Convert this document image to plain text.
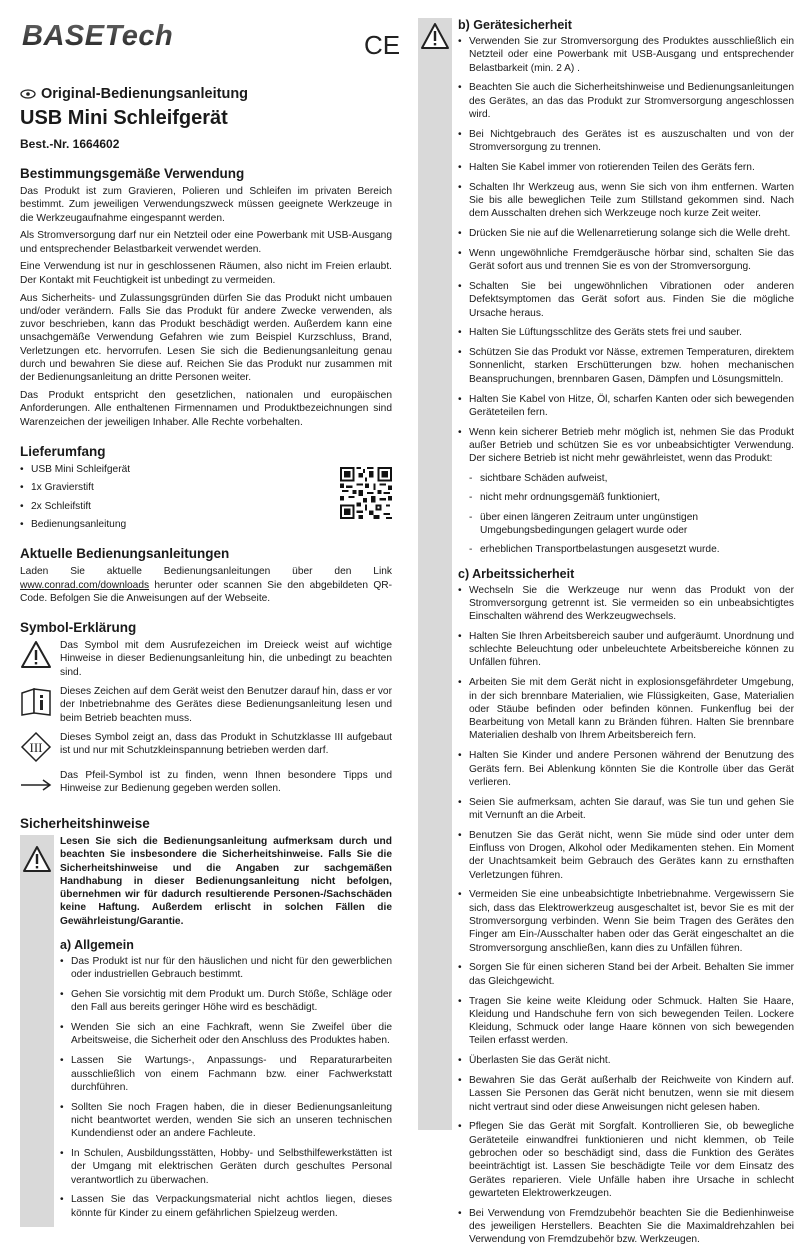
BASETech	CE
Original-Bedienungsanleitung
USB Mini Schleifgerät
Best.-Nr. 1664602
Bestimmungsgemäße Verwendung

Das Produkt ist zum Gravieren, Polieren und Schleifen im privaten Bereich bestimmt. Zum jeweiligen Verwendungszweck müssen geeignete Werkzeuge in die Werkzeugaufnahme eingespannt werden.

Als Stromversorgung darf nur ein Netzteil oder eine Powerbank mit USB-Ausgang und entsprechender Belastbarkeit verwendet werden.

Eine Verwendung ist nur in geschlossenen Räumen, also nicht im Freien erlaubt. Der Kontakt mit Feuchtigkeit ist unbedingt zu vermeiden.

Aus Sicherheits- und Zulassungsgründen dürfen Sie das Produkt nicht umbauen und/oder verändern. Falls Sie das Produkt für andere Zwecke verwenden, als zuvor beschrieben, kann das Produkt beschädigt werden. Außerdem kann eine unsachgemäße Verwendung Gefahren wie zum Beispiel Kurzschluss, Brand, Verletzungen etc. hervorrufen. Lesen Sie sich die Bedienungsanleitung genau durch und bewahren Sie diese auf. Reichen Sie das Produkt nur zusammen mit der Bedienungsanleitung an dritte Personen weiter.

Das Produkt entspricht den gesetzlichen, nationalen und europäischen Anforderungen. Alle enthaltenen Firmennamen und Produktbezeichnungen sind Warenzeichen der jeweiligen Inhaber. Alle Rechte vorbehalten.

Lieferumfang
• USB Mini Schleifgerät
• 1x Gravierstift
• 2x Schleifstift
• Bedienungsanleitung
Aktuelle Bedienungsanleitungen

Laden Sie aktuelle Bedienungsanleitungen über den Link www.conrad.com/downloads herunter oder scannen Sie den abgebildeten QR-Code. Befolgen Sie die Anweisungen auf der Webseite.

Symbol-Erklärung

Das Symbol mit dem Ausrufezeichen im Dreieck weist auf wichtige Hinweise in dieser Bedienungsanleitung hin, die unbedingt zu beachten sind.

Dieses Zeichen auf dem Gerät weist den Benutzer darauf hin, dass er vor der Inbetriebnahme des Gerätes diese Bedienungsanleitung lesen und beim Betrieb beachten muss.

III

Dieses Symbol zeigt an, dass das Produkt in Schutzklasse III aufgebaut ist und nur mit Schutzkleinspannung betrieben werden darf.

Das Pfeil-Symbol ist zu finden, wenn Ihnen besondere Tipps und Hinweise zur Bedienung gegeben werden sollen.

Sicherheitshinweise
Lesen Sie sich die Bedienungsanleitung aufmerksam durch und beachten Sie insbesondere die Sicherheitshinweise. Falls Sie die Sicherheitshinweise und die Angaben zur sachgemäßen Handhabung in dieser Bedienungsanleitung nicht befolgen, übernehmen wir für dadurch resultierende Personen-/Sachschäden keine Haftung. Außerdem erlischt in solchen Fällen die Gewährleistung/Garantie.
a) Allgemein
• Das Produkt ist nur für den häuslichen und nicht für den gewerblichen oder industriellen Gebrauch bestimmt.
• Gehen Sie vorsichtig mit dem Produkt um. Durch Stöße, Schläge oder den Fall aus bereits geringer Höhe wird es beschädigt.
• Wenden Sie sich an eine Fachkraft, wenn Sie Zweifel über die Arbeitsweise, die Sicherheit oder den Anschluss des Produktes haben.
• Lassen Sie Wartungs-, Anpassungs- und Reparaturarbeiten ausschließlich von einem Fachmann bzw. einer Fachwerkstatt durchführen.
• Sollten Sie noch Fragen haben, die in dieser Bedienungsanleitung nicht beantwortet werden, wenden Sie sich an unseren technischen Kundendienst oder an andere Fachleute.
• In Schulen, Ausbildungsstätten, Hobby- und Selbsthilfewerkstätten ist der Umgang mit elektrischen Geräten durch geschultes Personal verantwortlich zu überwachen.
• Lassen Sie das Verpackungsmaterial nicht achtlos liegen, dieses könnte für Kinder zu einem gefährlichen Spielzeug werden.
b) Gerätesicherheit
• Verwenden Sie zur Stromversorgung des Produktes ausschließlich ein Netzteil oder eine Powerbank mit USB-Ausgang und entsprechender Belastbarkeit (min. 2 A) .
• Beachten Sie auch die Sicherheitshinweise und Bedienungsanleitungen des Gerätes, an das das Produkt zur Stromversorgung angeschlossen wird.
• Bei Nichtgebrauch des Gerätes ist es auszuschalten und von der Stromversorgung zu trennen.
• Halten Sie Kabel immer von rotierenden Teilen des Geräts fern.
• Schalten Ihr Werkzeug aus, wenn Sie sich von ihm entfernen. Warten Sie bis alle beweglichen Teile zum Stillstand gekommen sind. Nach dem Ausschalten drehen sich Werkzeuge noch kurze Zeit weiter.
• Drücken Sie nie auf die Wellenarretierung solange sich die Welle dreht.
• Wenn ungewöhnliche Fremdgeräusche hörbar sind, schalten Sie das Gerät sofort aus und trennen Sie es von der Stromversorgung.
• Schalten Sie bei ungewöhnlichen Vibrationen oder anderen Defektsymptomen das Gerät sofort aus. Finden Sie die mögliche Ursache heraus.
• Halten Sie Lüftungsschlitze des Geräts stets frei und sauber.
• Schützen Sie das Produkt vor Nässe, extremen Temperaturen, direktem Sonnenlicht, starken Erschütterungen bzw. hohen mechanischen Beanspruchungen, brennbaren Gasen, Dämpfen und Lösungsmitteln.
• Halten Sie Kabel von Hitze, Öl, scharfen Kanten oder sich bewegenden Geräteteilen fern.
• Wenn kein sicherer Betrieb mehr möglich ist, nehmen Sie das Produkt außer Betrieb und schützen Sie es vor unbeabsichtigter Verwendung. Der sichere Betrieb ist nicht mehr gewährleistet, wenn das Produkt:
- sichtbare Schäden aufweist,
- nicht mehr ordnungsgemäß funktioniert,
- über einen längeren Zeitraum unter ungünstigen Umgebungsbedingungen gelagert wurde oder
- erheblichen Transportbelastungen ausgesetzt wurde.
c) Arbeitssicherheit
• Wechseln Sie die Werkzeuge nur wenn das Produkt von der Stromversorgung getrennt ist. Sie vermeiden so ein unbeabsichtigtes Einschalten während des Werkzeugwechsels.
• Halten Sie Ihren Arbeitsbereich sauber und aufgeräumt. Unordnung und schlechte Beleuchtung oder unbeleuchtete Arbeitsbereiche können zu Unfällen führen.
• Arbeiten Sie mit dem Gerät nicht in explosionsgefährdeter Umgebung, in der sich brennbare Materialien, wie Flüssigkeiten, Gase, Materialien oder Stäube befinden oder befinden können. Funkenflug bei der Bearbeitung von Metall kann zu Bränden führen. Halten Sie brennbare Materialien deshalb von Ihrem Arbeitsbereich fern.
• Halten Sie Kinder und andere Personen während der Benutzung des Geräts fern. Bei Ablenkung könnten Sie die Kontrolle über das Gerät verlieren.
• Seien Sie aufmerksam, achten Sie darauf, was Sie tun und gehen Sie mit Vernunft an die Arbeit.
• Benutzen Sie das Gerät nicht, wenn Sie müde sind oder unter dem Einfluss von Drogen, Alkohol oder Medikamenten stehen. Ein Moment der Unachtsamkeit beim Gebrauch des Gerätes kann zu ernsthaften Verletzungen führen.
• Vermeiden Sie eine unbeabsichtigte Inbetriebnahme. Vergewissern Sie sich, dass das Elektrowerkzeug ausgeschaltet ist, bevor Sie es mit der Stromversorgung verbinden. Wenn Sie beim Tragen des Gerätes den Finger am Ein-/Ausschalter haben oder das Gerät eingeschaltet an die Stromversorgung anschließen, kann dies zu Unfällen führen.
• Sorgen Sie für einen sicheren Stand bei der Arbeit. Behalten Sie immer das Gleichgewicht.
• Tragen Sie keine weite Kleidung oder Schmuck. Halten Sie Haare, Kleidung und Handschuhe fern von sich bewegenden Teilen. Lockere Kleidung, Schmuck oder lange Haare können von sich bewegenden Teilen erfasst werden.
• Überlasten Sie das Gerät nicht.
• Bewahren Sie das Gerät außerhalb der Reichweite von Kindern auf. Lassen Sie Personen das Gerät nicht benutzen, wenn sie mit diesem nicht vertraut sind oder diese Anweisungen nicht gelesen haben.
• Pflegen Sie das Gerät mit Sorgfalt. Kontrollieren Sie, ob bewegliche Geräteteile einwandfrei funktionieren und nicht klemmen, ob Teile gebrochen oder so beschädigt sind, dass die Funktion des Gerätes beeinträchtigt ist. Lassen Sie beschädigte Teile vor dem Einsatz des Gerätes reparieren. Viele Unfälle haben ihre Ursache in schlecht gewarteten Elektrowerkzeugen.
• Bei Verwendung von Fremdzubehör beachten Sie die Bedienhinweise des jeweiligen Herstellers. Beachten Sie die Maximaldrehzahlen bei Verwendung von Fremdzubehör bzw. Werkzeugen.
